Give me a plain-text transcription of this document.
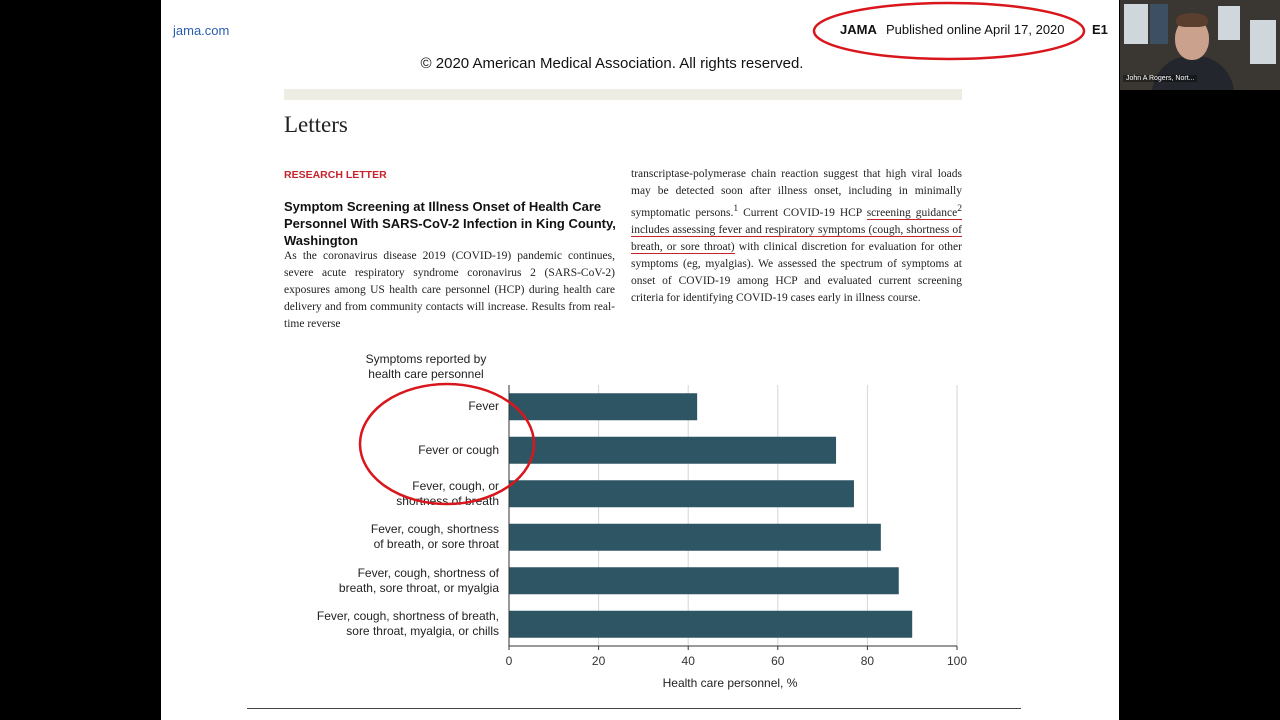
jama.com	JAMA Published online April 17, 2020 E1
© 2020 American Medical Association. All rights reserved.
Letters
RESEARCH LETTER
Symptom Screening at Illness Onset of Health Care Personnel With SARS-CoV-2 Infection in King County, Washington
As the coronavirus disease 2019 (COVID-19) pandemic continues, severe acute respiratory syndrome coronavirus 2 (SARS-CoV-2) exposures among US health care personnel (HCP) during health care delivery and from community contacts will increase. Results from real-time reverse
transcriptase-polymerase chain reaction suggest that high viral loads may be detected soon after illness onset, including in minimally symptomatic persons.$^1$ Current COVID-19 HCP screening guidance$^2$ includes assessing fever and respiratory symptoms (cough, shortness of breath, or sore throat) with clinical discretion for evaluation for other symptoms (eg, myalgias). We assessed the spectrum of symptoms at onset of COVID-19 among HCP and evaluated current screening criteria for identifying COVID-19 cases early in illness course.
Symptoms reported by health care personnel
Fever
Fever or cough
Fever, cough, or
shortness of breath
Fever, cough, shortness
of breath, or sore throat
Fever, cough, shortness of
breath, sore throat, or myalgia
Fever, cough, shortness of breath,
sore throat, myalgia, or chills
0	20	40	60	80	100
Health care personnel, %
John A Rogers, Nort...
